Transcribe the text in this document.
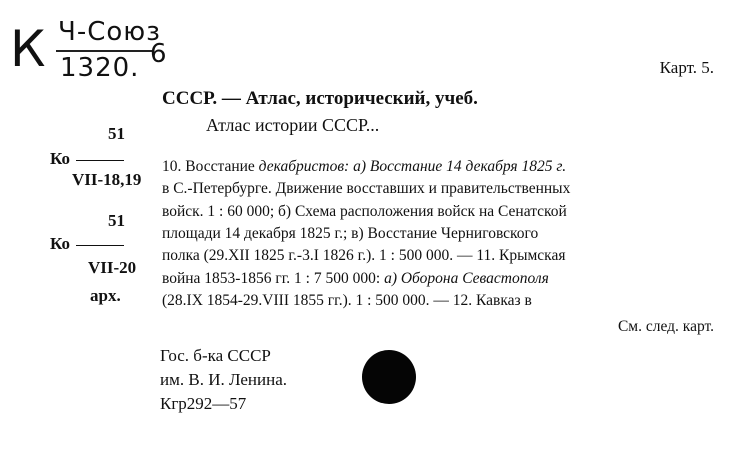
К Ч-Союз
1320. 6	Карт. 5.
СССР. — Атлас, исторический, учеб.
Атлас истории СССР...
51
Ко
VII-18,19
51
Ко
VII-20
арх.
10. Восстание декабристов: а) Восстание 14 декабря 1825 г.
в С.-Петербурге. Движение восставших и правительственных
войск. 1 : 60 000; б) Схема расположения войск на Сенатской
площади 14 декабря 1825 г.; в) Восстание Черниговского
полка (29.XII 1825 г.-3.I 1826 г.). 1 : 500 000. — 11. Крымская
война 1853-1856 гг. 1 : 7 500 000: а) Оборона Севастополя
(28.IX 1854-29.VIII 1855 гг.). 1 : 500 000. — 12. Кавказ в
См. след. карт.
Гос. б-ка СССР
им. В. И. Ленина.
Кгр292—57
